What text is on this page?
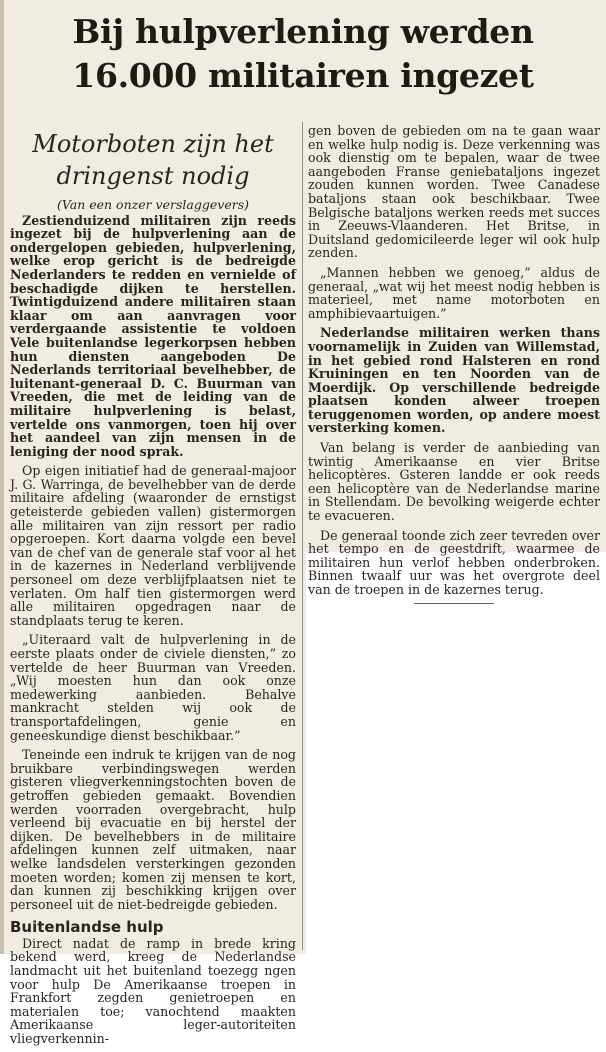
Bij hulpverlening werden 16.000 militairen ingezet
Motorboten zijn het dringenst nodig
(Van een onzer verslaggevers)

Zestienduizend militairen zijn reeds ingezet bij de hulpverlening aan de ondergelopen gebieden, hulpverlening, welke erop gericht is de bedreigde Nederlanders te redden en vernielde of beschadigde dijken te herstellen. Twintigduizend andere militairen staan klaar om aan aanvragen voor verdergaande assistentie te voldoen Vele buitenlandse legerkorpsen hebben hun diensten aangeboden De Nederlands territoriaal bevelhebber, de luitenant-generaal D. C. Buurman van Vreeden, die met de leiding van de militaire hulpverlening is belast, vertelde ons vanmorgen, toen hij over het aandeel van zijn mensen in de leniging der nood sprak.

Op eigen initiatief had de generaal-majoor J. G. Warringa, de bevelhebber van de derde militaire afdeling (waaronder de ernstigst geteisterde gebieden vallen) gistermorgen alle militairen van zijn ressort per radio opgeroepen. Kort daarna volgde een bevel van de chef van de generale staf voor al het in de kazernes in Nederland verblijvende personeel om deze verblijfplaatsen niet te verlaten. Om half tien gistermorgen werd alle militairen opgedragen naar de standplaats terug te keren.

„Uiteraard valt de hulpverlening in de eerste plaats onder de civiele diensten,” zo vertelde de heer Buurman van Vreeden. „Wij moesten hun dan ook onze medewerking aanbieden. Behalve mankracht stelden wij ook de transportafdelingen, genie en geneeskundige dienst beschikbaar.”

Teneinde een indruk te krijgen van de nog bruikbare verbindingswegen werden gisteren vliegverkenningstochten boven de getroffen gebieden gemaakt. Bovendien werden voorraden overgebracht, hulp verleend bij evacuatie en bij herstel der dijken. De bevelhebbers in de militaire afdelingen kunnen zelf uitmaken, naar welke landsdelen versterkingen gezonden moeten worden; komen zij mensen te kort, dan kunnen zij beschikking krijgen over personeel uit de niet-bedreigde gebieden.

Buitenlandse hulp

Direct nadat de ramp in brede kring bekend werd, kreeg de Nederlandse landmacht uit het buitenland toezegg ngen voor hulp De Amerikaanse troepen in Frankfort zegden genietroepen en materialen toe; vanochtend maakten Amerikaanse leger-autoriteiten vliegverkennin-

gen boven de gebieden om na te gaan waar en welke hulp nodig is. Deze verkenning was ook dienstig om te bepalen, waar de twee aangeboden Franse geniebataljons ingezet zouden kunnen worden. Twee Canadese bataljons staan ook beschikbaar. Twee Belgische bataljons werken reeds met succes in Zeeuws-Vlaanderen. Het Britse, in Duitsland gedomicileerde leger wil ook hulp zenden.

„Mannen hebben we genoeg,” aldus de generaal, „wat wij het meest nodig hebben is materieel, met name motorboten en amphibievaartuigen.”

Nederlandse militairen werken thans voornamelijk in Zuiden van Willemstad, in het gebied rond Halsteren en rond Kruiningen en ten Noorden van de Moerdijk. Op verschillende bedreigde plaatsen konden alweer troepen teruggenomen worden, op andere moest versterking komen.

Van belang is verder de aanbieding van twintig Amerikaanse en vier Britse helicoptères. Gsteren landde er ook reeds een helicoptère van de Nederlandse marine in Stellendam. De bevolking weigerde echter te evacueren.

De generaal toonde zich zeer tevreden over het tempo en de geestdrift, waarmee de militairen hun verlof hebben onderbroken. Binnen twaalf uur was het overgrote deel van de troepen in de kazernes terug.
